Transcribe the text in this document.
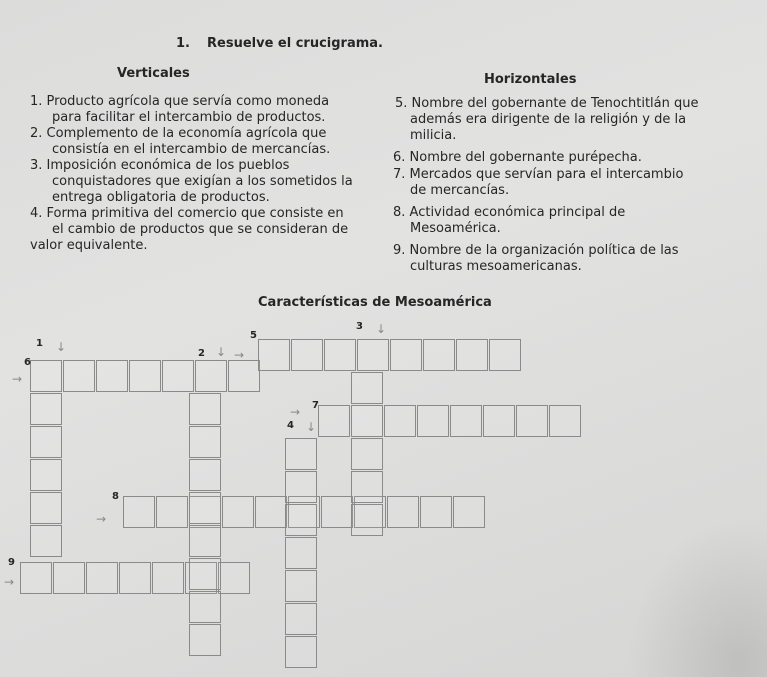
1. Resuelve el crucigrama.
Verticales
1. Producto agrícola que servía como moneda
para facilitar el intercambio de productos.
2. Complemento de la economía agrícola que
consistía en el intercambio de mercancías.
3. Imposición económica de los pueblos
conquistadores que exigían a los sometidos la
entrega obligatoria de productos.
4. Forma primitiva del comercio que consiste en
el cambio de productos que se consideran de
valor equivalente.
Horizontales
5. Nombre del gobernante de Tenochtitlán que
además era dirigente de la religión y de la
milicia.
6. Nombre del gobernante purépecha.
7. Mercados que servían para el intercambio
de mercancías.
8. Actividad económica principal de
Mesoamérica.
9. Nombre de la organización política de las
culturas mesoamericanas.
Características de Mesoamérica
1 ↓
6
→
2 ↓ →
5
3 ↓
7
→
4 ↓
8
→
9
→
